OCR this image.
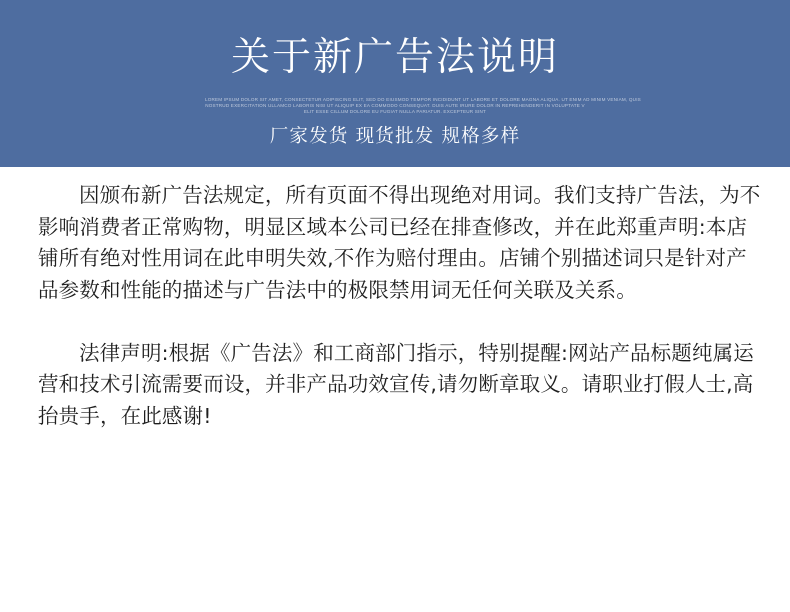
关于新广告法说明
LOREM IPSUM DOLOR SIT AMET, CONSECTETUR ADIPISCING ELIT, SED DO EIUSMOD TEMPOR INCIDIDUNT UT LABORE ET DOLORE MAGNA ALIQUA. UT ENIM AD MINIM VENIAM, QUIS
NOSTRUD EXERCITATION ULLAMCO LABORIS NISI UT ALIQUIP EX EA COMMODO CONSEQUAT. DUIS AUTE IRURE DOLOR IN REPREHENDERIT IN VOLUPTATE V
ELIT ESSE CILLUM DOLORE EU FUGIAT NULLA PARIATUR. EXCEPTEUR SINT
厂家发货 现货批发 规格多样

因颁布新广告法规定，所有页面不得出现绝对用词。我们支持广告法，为不影响消费者正常购物，明显区域本公司已经在排查修改，并在此郑重声明:本店铺所有绝对性用词在此申明失效,不作为赔付理由。店铺个别描述词只是针对产品参数和性能的描述与广告法中的极限禁用词无任何关联及关系。

法律声明:根据《广告法》和工商部门指示，特别提醒:网站产品标题纯属运营和技术引流需要而设，并非产品功效宣传,请勿断章取义。请职业打假人士,高抬贵手，在此感谢!
